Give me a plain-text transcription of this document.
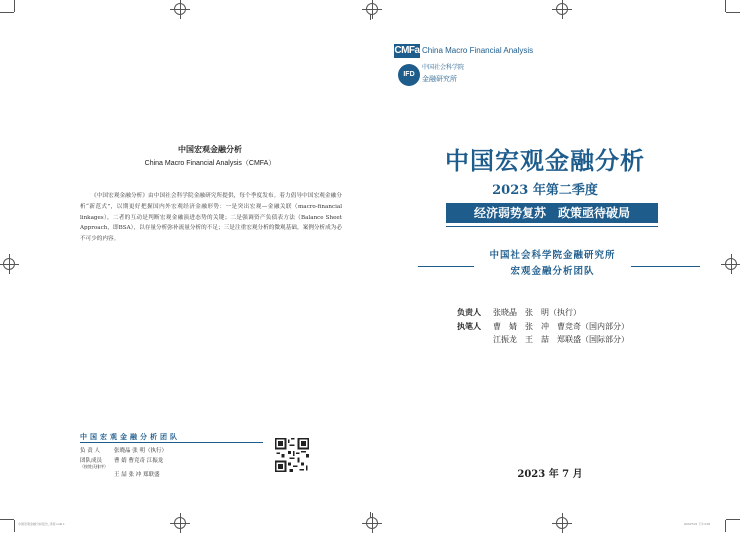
CMFa China Macro Financial Analysis
IFD
中国社会科学院
金融研究所
中国宏观金融分析
China Macro Financial Analysis（CMFA）
《中国宏观金融分析》由中国社会科学院金融研究所提供，每个季度发布。着力倡导中国宏观金融分析“新范式”，以期更好把握国内外宏观经济金融形势：一是突出宏观—金融关联（macro-financial linkages），二者的互动是判断宏观金融演进态势的关键；二是强调资产负债表方法（Balance Sheet Approach，即BSA），以存量分析弥补流量分析的不足；三是注重宏观分析的微观基础，案例分析成为必不可少的内容。
中国宏观金融分析团队
负 责 人	张晓晶 张 明（执行）
团队成员 曹 婧 曹竞奇 江振龙
（按姓氏排序）
王 喆 张 冲 郑联盛
中国宏观金融分析
2023 年第二季度
经济弱势复苏　政策亟待破局
中国社会科学院金融研究所
宏观金融分析团队
负责人 张晓晶　张　明（执行）
执笔人 曹　婧　张　冲　曹竞奇（国内部分）
江振龙　王　喆　郑联盛（国际部分）
2023 年 7 月
中国宏观金融分析报告_季度.indd 1	2023/7/31 下午3:28
